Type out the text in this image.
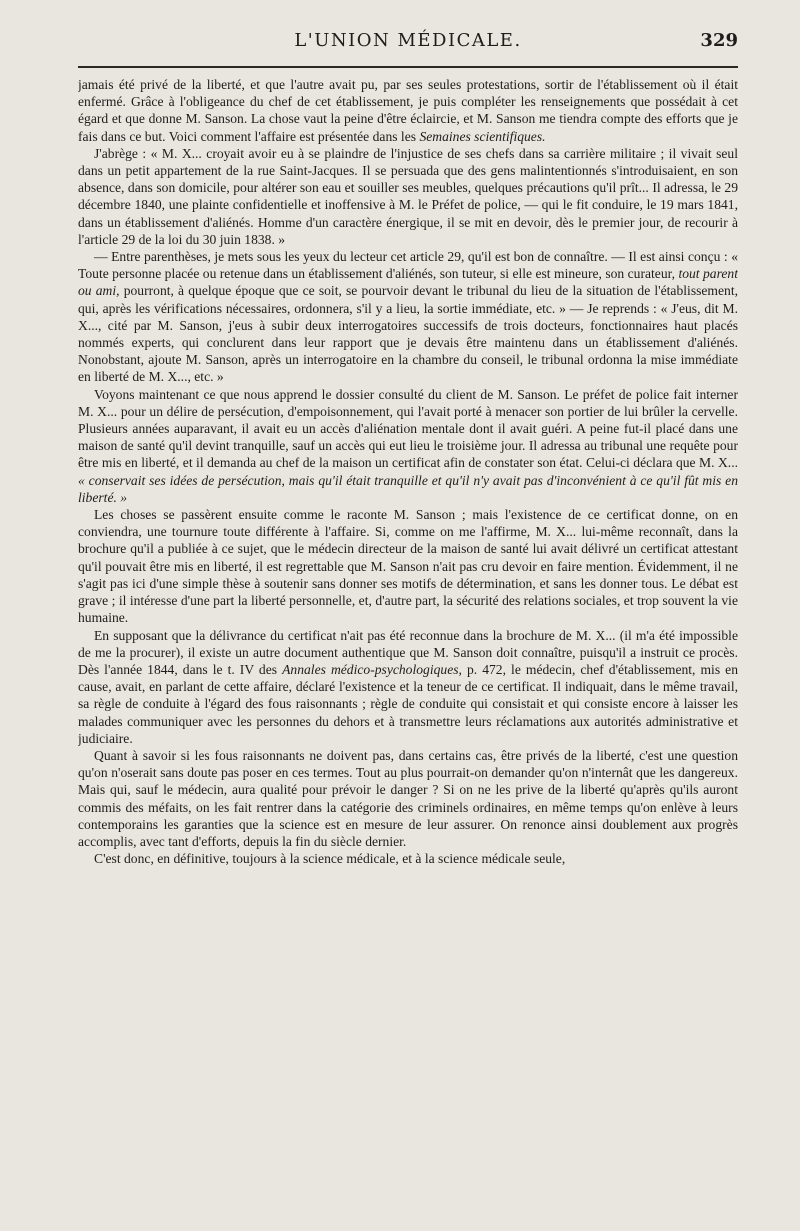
L'UNION MÉDICALE.	329

jamais été privé de la liberté, et que l'autre avait pu, par ses seules protestations, sortir de l'établissement où il était enfermé. Grâce à l'obligeance du chef de cet établissement, je puis compléter les renseignements que possédait à cet égard et que donne M. Sanson. La chose vaut la peine d'être éclaircie, et M. Sanson me tiendra compte des efforts que je fais dans ce but. Voici comment l'affaire est présentée dans les Semaines scientifiques.

J'abrège : « M. X... croyait avoir eu à se plaindre de l'injustice de ses chefs dans sa carrière militaire ; il vivait seul dans un petit appartement de la rue Saint-Jacques. Il se persuada que des gens malintentionnés s'introduisaient, en son absence, dans son domicile, pour altérer son eau et souiller ses meubles, quelques précautions qu'il prît... Il adressa, le 29 décembre 1840, une plainte confidentielle et inoffensive à M. le Préfet de police, — qui le fit conduire, le 19 mars 1841, dans un établissement d'aliénés. Homme d'un caractère énergique, il se mit en devoir, dès le premier jour, de recourir à l'article 29 de la loi du 30 juin 1838. »

— Entre parenthèses, je mets sous les yeux du lecteur cet article 29, qu'il est bon de connaître. — Il est ainsi conçu : « Toute personne placée ou retenue dans un établissement d'aliénés, son tuteur, si elle est mineure, son curateur, tout parent ou ami, pourront, à quelque époque que ce soit, se pourvoir devant le tribunal du lieu de la situation de l'établissement, qui, après les vérifications nécessaires, ordonnera, s'il y a lieu, la sortie immédiate, etc. » — Je reprends : « J'eus, dit M. X..., cité par M. Sanson, j'eus à subir deux interrogatoires successifs de trois docteurs, fonctionnaires haut placés nommés experts, qui conclurent dans leur rapport que je devais être maintenu dans un établissement d'aliénés. Nonobstant, ajoute M. Sanson, après un interrogatoire en la chambre du conseil, le tribunal ordonna la mise immédiate en liberté de M. X..., etc. »

Voyons maintenant ce que nous apprend le dossier consulté du client de M. Sanson. Le préfet de police fait interner M. X... pour un délire de persécution, d'empoisonnement, qui l'avait porté à menacer son portier de lui brûler la cervelle. Plusieurs années auparavant, il avait eu un accès d'aliénation mentale dont il avait guéri. A peine fut-il placé dans une maison de santé qu'il devint tranquille, sauf un accès qui eut lieu le troisième jour. Il adressa au tribunal une requête pour être mis en liberté, et il demanda au chef de la maison un certificat afin de constater son état. Celui-ci déclara que M. X... « conservait ses idées de persécution, mais qu'il était tranquille et qu'il n'y avait pas d'inconvénient à ce qu'il fût mis en liberté. »

Les choses se passèrent ensuite comme le raconte M. Sanson ; mais l'existence de ce certificat donne, on en conviendra, une tournure toute différente à l'affaire. Si, comme on me l'affirme, M. X... lui-même reconnaît, dans la brochure qu'il a publiée à ce sujet, que le médecin directeur de la maison de santé lui avait délivré un certificat attestant qu'il pouvait être mis en liberté, il est regrettable que M. Sanson n'ait pas cru devoir en faire mention. Évidemment, il ne s'agit pas ici d'une simple thèse à soutenir sans donner ses motifs de détermination, et sans les donner tous. Le débat est grave ; il intéresse d'une part la liberté personnelle, et, d'autre part, la sécurité des relations sociales, et trop souvent la vie humaine.

En supposant que la délivrance du certificat n'ait pas été reconnue dans la brochure de M. X... (il m'a été impossible de me la procurer), il existe un autre document authentique que M. Sanson doit connaître, puisqu'il a instruit ce procès. Dès l'année 1844, dans le t. IV des Annales médico-psychologiques, p. 472, le médecin, chef d'établissement, mis en cause, avait, en parlant de cette affaire, déclaré l'existence et la teneur de ce certificat. Il indiquait, dans le même travail, sa règle de conduite à l'égard des fous raisonnants ; règle de conduite qui consistait et qui consiste encore à laisser les malades communiquer avec les personnes du dehors et à transmettre leurs réclamations aux autorités administrative et judiciaire.

Quant à savoir si les fous raisonnants ne doivent pas, dans certains cas, être privés de la liberté, c'est une question qu'on n'oserait sans doute pas poser en ces termes. Tout au plus pourrait-on demander qu'on n'internât que les dangereux. Mais qui, sauf le médecin, aura qualité pour prévoir le danger ? Si on ne les prive de la liberté qu'après qu'ils auront commis des méfaits, on les fait rentrer dans la catégorie des criminels ordinaires, en même temps qu'on enlève à leurs contemporains les garanties que la science est en mesure de leur assurer. On renonce ainsi doublement aux progrès accomplis, avec tant d'efforts, depuis la fin du siècle dernier.

C'est donc, en définitive, toujours à la science médicale, et à la science médicale seule,
